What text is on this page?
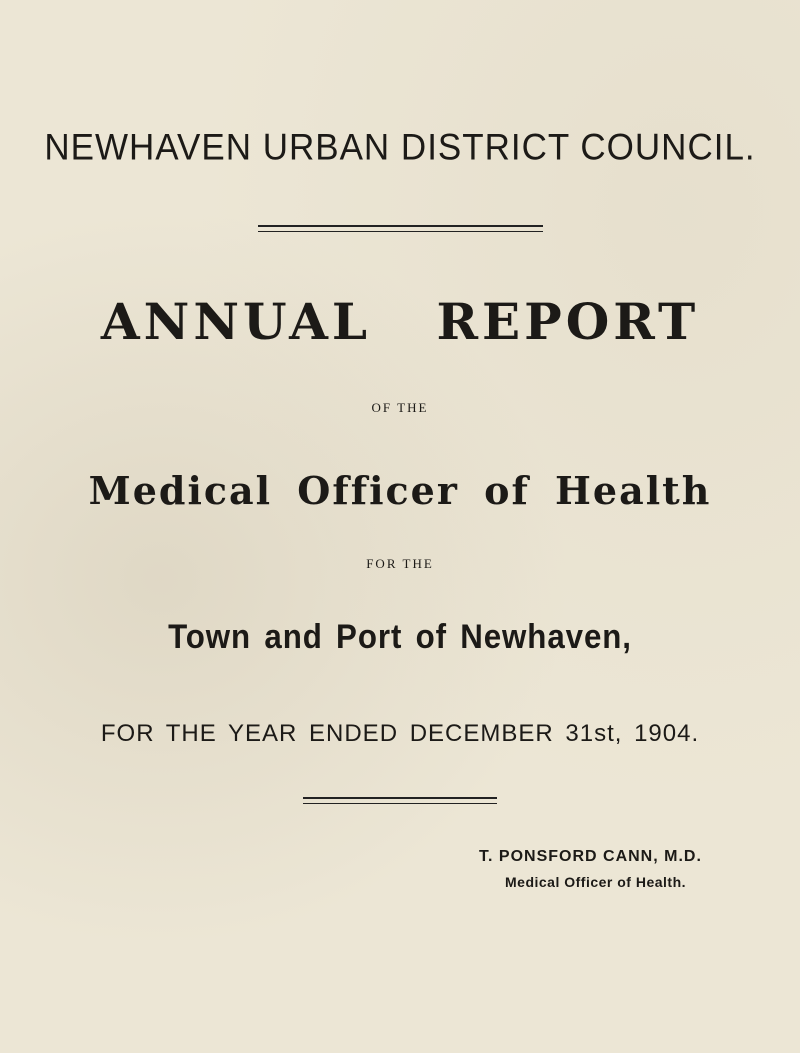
NEWHAVEN URBAN DISTRICT COUNCIL.
ANNUAL REPORT
OF THE
Medical Officer of Health
FOR THE
Town and Port of Newhaven,
FOR THE YEAR ENDED DECEMBER 31st, 1904.
T. PONSFORD CANN, M.D.
Medical Officer of Health.
